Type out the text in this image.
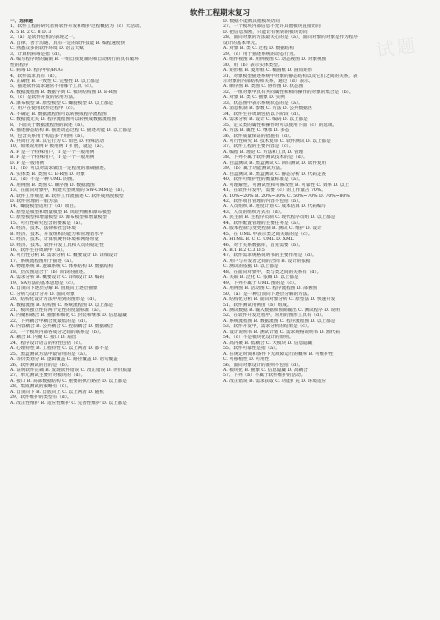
试题
软件工程期末复习
一、选择题
1、软件工程的研究者将软件开发和维护过程概括为（c）大活动。
A. 5 B. 2 C. 8 D. 3
2、（a）是软件危机的表现之一。
A. 自律、善于沟通、具有一定的软件技能 B. 编程速度快
C. 熟悉众多的软件环境 D. 语言天赋
3、计算机病毒是指（d）。
A. 编写程序时的漏洞 B. 一组自我复制的和自动执行的具有破坏
性的程序
C. 病毒 D. 程序中的BUG
4、软件需求具有（d）。
A. 正确性 B. 一致性 C. 完整性 D. 以上都是
5、描述软件需求通常不用哪个工具（c）。
A. 数据流程图 B. 数据字典 C. 模块结构图 D. E-R图
6、（c）是软件开发的常用方法。
A. 瀑布模型 B. 原型模型 C. 螺旋模型 D. 以上都是
7、用户在使用软件过程中（c）。
A. 不确定 B. 数据流程图可以转换成程序流程图
C. 数据流无关 D. 程序流程图可以转换成数据流程图
8、下面关于数据流程图的叙述（b）。
A. 描述静态结构 B. 描述动态过程 C. 描述功能 D. 以上都是
9、包含关系用于构造多个用例（b）。
A. 共同行为 B. 其它行为 C. 角色 D. 特殊活动
10、如果说用例 F 被用例 T 扩展，就是（a）。
A. F 是一个特殊用户，T 是一个一般用例
B. F 是一个特殊用户，T 是一个一般用例
D. F 是一般用例
11、（b）可以对需求做出一定程度的准确描述。
A. 实体类 B. 类图 C. E-R图 D. 对象
12、（d）不是一种 UML 的图。
A. 用例图 B. 类图 C. 顺序图 D. 数据流图
13、在面向对象中，构建大型规划的 SW-CMM是（b）。
A. 软件工作规范 B. 软件工作流描述 C. 软件成熟度模型
D. 软件管理的一般方法
14、螺旋模型适用于（d）项目。
A. 原型是模型和增量模型 B. 风险判断和瀑布模型
C. 原型模型和增量模型 D. 瀑布模型和增量模型
15、可行性研究包含的要素是（a）。
A. 经济、技术、法律和社会环境
B. 经济、技术、开发组织的能力和管理者水平
C. 经济、技术、计算机硬件环境和网络带宽
D. 经济、技术、软件开发工具和人员的稳定性
16、软件生存周期中（b）。
A. 可行性分析 B. 需求分析 C. 概要设计 D. 详细设计
17、系统流程图用于描述（a）。
A. 物理系统 B. 逻辑系统 C. 体系结构 D. 数据结构
18、层次图适合于（b）阶段的描述。
A. 需求分析 B. 概要设计 C. 详细设计 D. 编码
19、SA方法的基本思想是（c）。
A. 自顶向下逐层分解 B. 由底向上逐层抽象
C. 分析与设计分开 D. 面向对象
20、结构化设计方法中用到的图形是（d）。
A. 数据流图 B. 结构图 C. 系统流程图 D. 以上都是
21、模块独立性有两个定性的度量标准（a）。
A. 内聚和耦合 B. 抽象和细化 C. 封装和继承 D. 信息隐藏
22、下列耦合中耦合度最低的是（d）。
A. 内容耦合 B. 公共耦合 C. 控制耦合 D. 数据耦合
23、一个模块内部各成分之间的联系是（b）。
A. 耦合 B. 内聚 C. 接口 D. 扇出
24、程序设计语言的特性包括（c）。
A. 心理特性 B. 工程特性 C. 以上两者 D. 都不是
25、黑盒测试方法中最常用的是（a）。
A. 等价类划分 B. 逻辑覆盖 C. 路径覆盖 D. 语句覆盖
26、软件测试的目的是（b）。
A. 证明软件正确 B. 发现软件错误 C. 改正错误 D. 评价质量
27、单元测试主要针对模块的（d）。
A. 接口 B. 局部数据结构 C. 重要的执行路径 D. 以上都是
28、集成测试的策略有（c）。
A. 自顶向下 B. 自底向上 C. 以上两者 D. 随机
29、软件维护的类型有（d）。
A. 改正性维护 B. 适应性维护 C. 完善性维护 D. 以上都是
D. 数据不能被其他模块访问
27、一个模块内部信息不允许其他模块直接访问
D. 把信息加密，只能让有密钥的模块访问
28、面向对象的方法最关心的是（a），面向对象的对象是作为程序
设计的基本单元。
A. 对象 B. 类 C. 过程 D. 数据结构
29、（c）用于描述系统的动态行为。
A. 组件视图 B. 用例视图 C. 动态视图 D. 对象视图
30、用（b）表示实体类型。
A. 矩形框 B. 菱形框 C. 椭圆框 D. 圆角矩形
31、对象模型描述系统中对象的静态结构以及它们之间的关系，表
示对象的内部结构和关系，通过（d）表示。
A. 顺序图 B. 类图 C. 协作图 D. 状态图
32、一组对象中具有共同属性和相同操作的对象的集合是（b）。
A. 对象 B. 类 C. 抽象 D. 实例
33、状态图中表示系统状态的是（a）。
A. 消息机制 B. 参数 C. 方法 D. 公共数据区
34、软件生存周期包括以下阶段（d）。
A. 需求分析 B. 设计 C. 编码 D. 以上都是
35、定义类的属性和操作时可以使用下面（c）的选项。
A. 方法 B. 属性 C. 继承 D. 多态
36、软件质量保证的措施有（d）。
A. 可行性研究 B. 技术复审 C. 软件测试 D. 以上都是
37、软件工程的主要内容是（c）。
A. 编程 B. 理论 C. 方法和工具 D. 管理
38、下列不属于软件测试技术的是（d）。
A. 白盒测试 B. 黑盒测试 C. 回归测试 D. 软件复用
39、（b）属于功能测试方法。
A. 白盒测试 B. 黑盒测试 C. 静态分析 D. 代码走查
40、软件可维护性的衡量标准是（a）。
A. 可理解性、可测试性和可修改性 B. 可靠性 C. 效率 D. 以上
41、在软件开发中，需要（c）的工作量占 70%。
A. 10%~20% B. 20%~30% C. 50%~70% D. 70%~80%
42、软件项目管理的内容不包括（b）。
A. 人员组织 B. 进度计划 C. 成本估算 D. 代码编写
43、人员的组织方式有（d）。
A. 民主制 B. 主程序员制 C. 现代程序员组 D. 以上都是
44、软件配置管理的主要任务是（a）。
A. 版本控制与变更控制 B. 测试 C. 维护 D. 设计
45、在 UML 中表示类之间关联的是（c）。
A. HTML B. C C. UML D. XML
46、对于关系数据库，首先需要（b）。
A. B.1 B.2 C.3 D.5
47、软件需求规格说明书的主要作用是（d）。
A. 用户与开发者之间的合同 B. 设计的依据
C. 测试的依据 D. 以上都是
48、在面向对象中，类与类之间的关系有（d）。
A. 关联 B. 泛化 C. 依赖 D. 以上都是
49、下列不属于 UML 图的是（c）。
A. 用例图 B. 活动图 C. 程序流程图 D. 部署图
50、（a）是一种自顶向下逐层分解的方法。
A. 结构化分析 B. 面向对象分析 C. 原型法 D. 快速开发
51、软件测试用例由（b）组成。
A. 测试数据 B. 输入数据和预期输出 C. 测试程序 D. 说明
52、在软件开发过程中，常用的图形工具有（d）。
A. 系统流程图 B. 数据流图 C. 程序流程图 D. 以上都是
53、软件开发中，需求分析的结果是（c）。
A. 设计说明书 B. 测试计划 C. 需求规格说明书 D. 源代码
54、（c）不是模块化设计的原则。
A. 高内聚 B. 低耦合 C. 大模块 D. 信息隐藏
55、软件可靠性是指（a）。
A. 在规定时间和条件下无故障运行的概率 B. 可维护性
C. 可移植性 D. 可用性
56、面向对象设计的准则不包括（d）。
A. 模块化 B. 抽象 C. 信息隐藏 D. 高耦合
57、下列（b）不属于软件维护的活动。
A. 改正错误 B. 需求获取 C. 功能扩充 D. 环境适应
